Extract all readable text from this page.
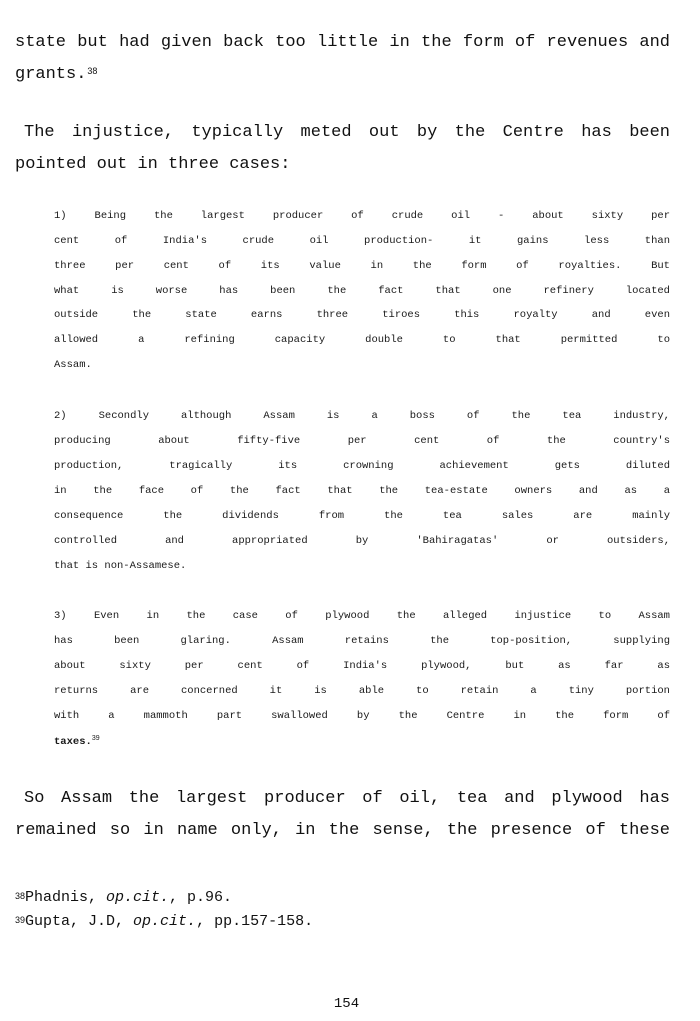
state but had given back too little in the form of revenues and
grants.$^{38}$
The injustice, typically meted out by the Centre has been
pointed out in three cases:
1) Being the largest producer of crude oil - about sixty per
cent of India's crude oil production- it gains less than
three per cent of its value in the form of royalties. But
what is worse has been the fact that one refinery located
outside the state earns three tiroes this royalty and even
allowed a refining capacity double to that permitted to
Assam.
2) Secondly although Assam is a boss of the tea industry,
producing about fifty-five per cent of the country's
production, tragically its crowning achievement gets diluted
in the face of the fact that the tea-estate owners and as a
consequence the dividends from the tea sales are mainly
controlled and appropriated by 'Bahiragatas' or outsiders,
that is non-Assamese.
3) Even in the case of plywood the alleged injustice to Assam
has been glaring. Assam retains the top-position, supplying
about sixty per cent of India's plywood, but as far as
returns are concerned it is able to retain a tiny portion
with a mammoth part swallowed by the Centre in the form of
taxes.$^{39}$
So Assam the largest producer of oil, tea and plywood has
remained so in name only, in the sense, the presence of these
$^{38}$Phadnis, op.cit., p.96.
$^{39}$Gupta, J.D, op.cit., pp.157-158.
154
